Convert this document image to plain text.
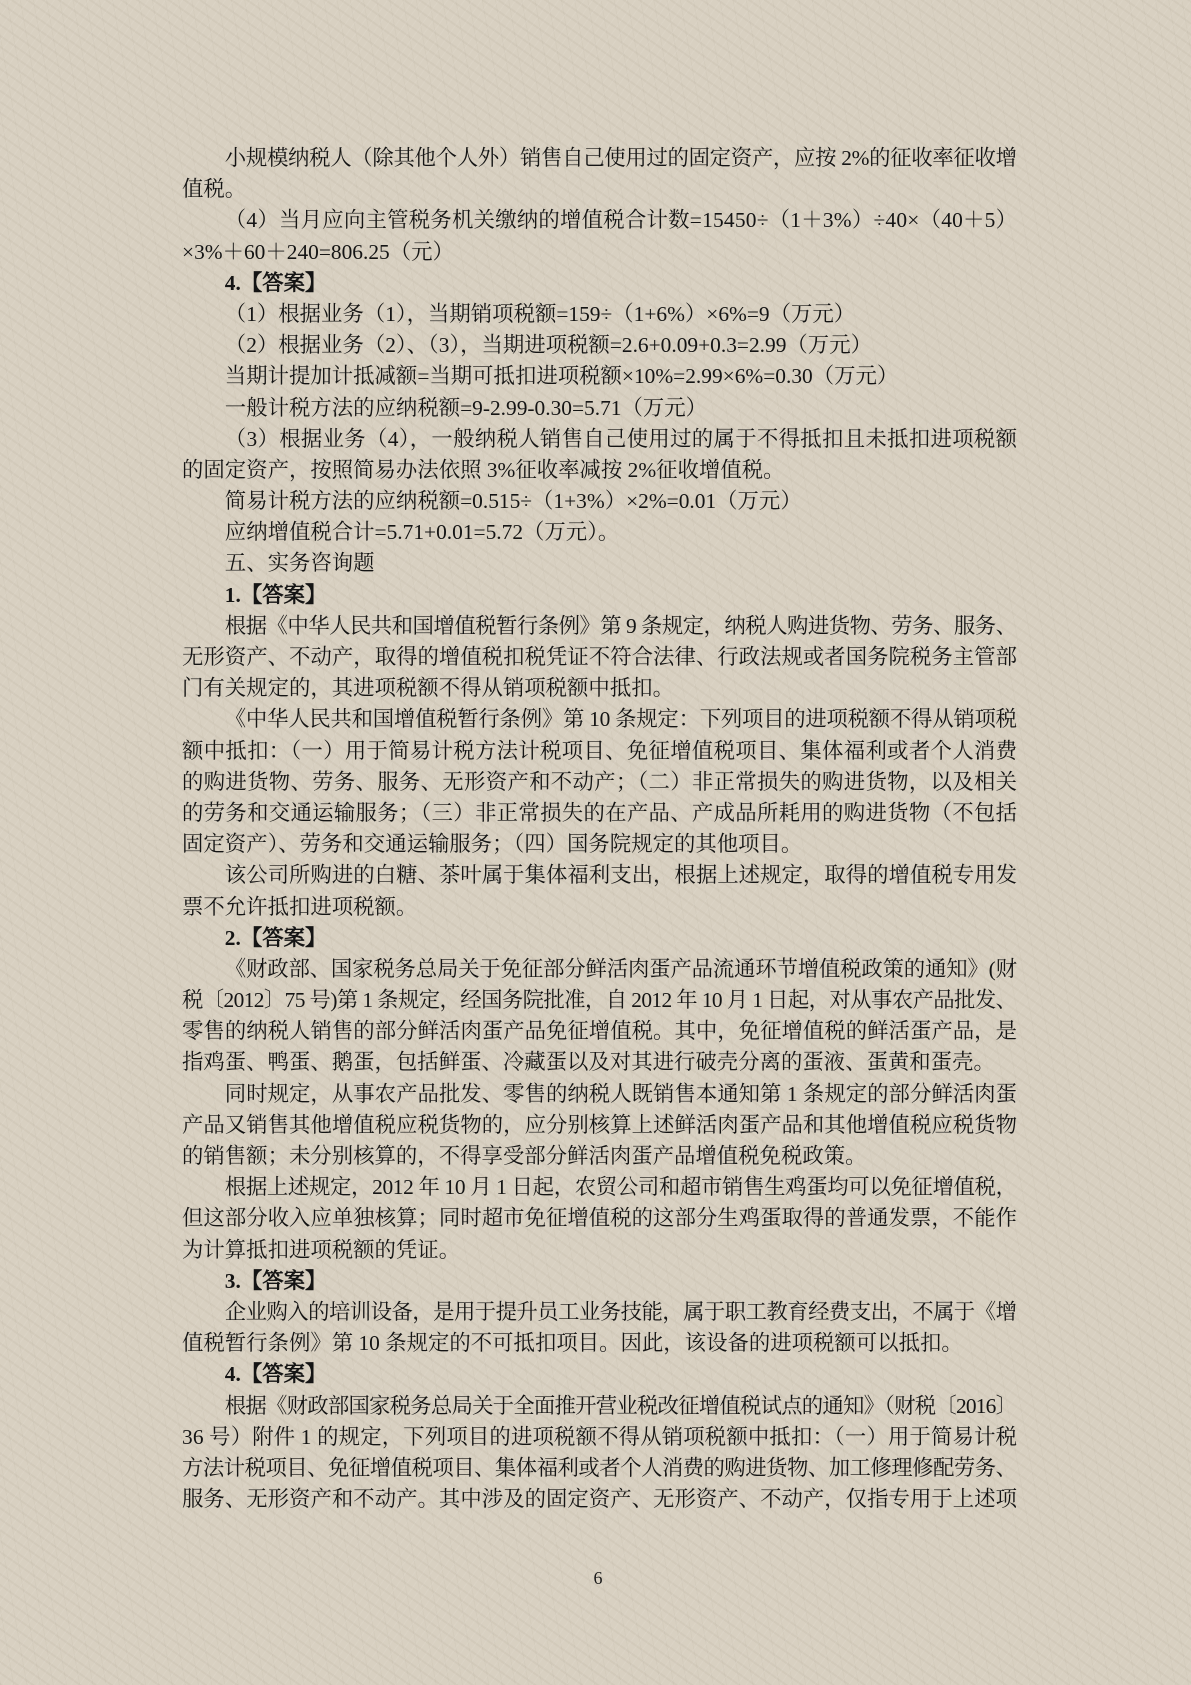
小规模纳税人（除其他个人外）销售自己使用过的固定资产，应按 2%的征收率征收增
值税。
（4）当月应向主管税务机关缴纳的增值税合计数=15450÷（1＋3%）÷40×（40＋5）
×3%＋60＋240=806.25（元）
4.【答案】
（1）根据业务（1），当期销项税额=159÷（1+6%）×6%=9（万元）
（2）根据业务（2）、（3），当期进项税额=2.6+0.09+0.3=2.99（万元）
当期计提加计抵减额=当期可抵扣进项税额×10%=2.99×6%=0.30（万元）
一般计税方法的应纳税额=9-2.99-0.30=5.71（万元）
（3）根据业务（4），一般纳税人销售自己使用过的属于不得抵扣且未抵扣进项税额
的固定资产，按照简易办法依照 3%征收率减按 2%征收增值税。
简易计税方法的应纳税额=0.515÷（1+3%）×2%=0.01（万元）
应纳增值税合计=5.71+0.01=5.72（万元）。
五、实务咨询题
1.【答案】
根据《中华人民共和国增值税暂行条例》第 9 条规定，纳税人购进货物、劳务、服务、
无形资产、不动产，取得的增值税扣税凭证不符合法律、行政法规或者国务院税务主管部
门有关规定的，其进项税额不得从销项税额中抵扣。
《中华人民共和国增值税暂行条例》第 10 条规定：下列项目的进项税额不得从销项税
额中抵扣：（一）用于简易计税方法计税项目、免征增值税项目、集体福利或者个人消费
的购进货物、劳务、服务、无形资产和不动产；（二）非正常损失的购进货物，以及相关
的劳务和交通运输服务；（三）非正常损失的在产品、产成品所耗用的购进货物（不包括
固定资产）、劳务和交通运输服务；（四）国务院规定的其他项目。
该公司所购进的白糖、茶叶属于集体福利支出，根据上述规定，取得的增值税专用发
票不允许抵扣进项税额。
2.【答案】
《财政部、国家税务总局关于免征部分鲜活肉蛋产品流通环节增值税政策的通知》(财
税〔2012〕75 号)第 1 条规定，经国务院批准，自 2012 年 10 月 1 日起，对从事农产品批发、
零售的纳税人销售的部分鲜活肉蛋产品免征增值税。其中，免征增值税的鲜活蛋产品，是
指鸡蛋、鸭蛋、鹅蛋，包括鲜蛋、冷藏蛋以及对其进行破壳分离的蛋液、蛋黄和蛋壳。
同时规定，从事农产品批发、零售的纳税人既销售本通知第 1 条规定的部分鲜活肉蛋
产品又销售其他增值税应税货物的，应分别核算上述鲜活肉蛋产品和其他增值税应税货物
的销售额；未分别核算的，不得享受部分鲜活肉蛋产品增值税免税政策。
根据上述规定，2012 年 10 月 1 日起，农贸公司和超市销售生鸡蛋均可以免征增值税，
但这部分收入应单独核算；同时超市免征增值税的这部分生鸡蛋取得的普通发票，不能作
为计算抵扣进项税额的凭证。
3.【答案】
企业购入的培训设备，是用于提升员工业务技能，属于职工教育经费支出，不属于《增
值税暂行条例》第 10 条规定的不可抵扣项目。因此，该设备的进项税额可以抵扣。
4.【答案】
根据《财政部国家税务总局关于全面推开营业税改征增值税试点的通知》（财税〔2016〕
36 号）附件 1 的规定，下列项目的进项税额不得从销项税额中抵扣：（一）用于简易计税
方法计税项目、免征增值税项目、集体福利或者个人消费的购进货物、加工修理修配劳务、
服务、无形资产和不动产。其中涉及的固定资产、无形资产、不动产，仅指专用于上述项
6
